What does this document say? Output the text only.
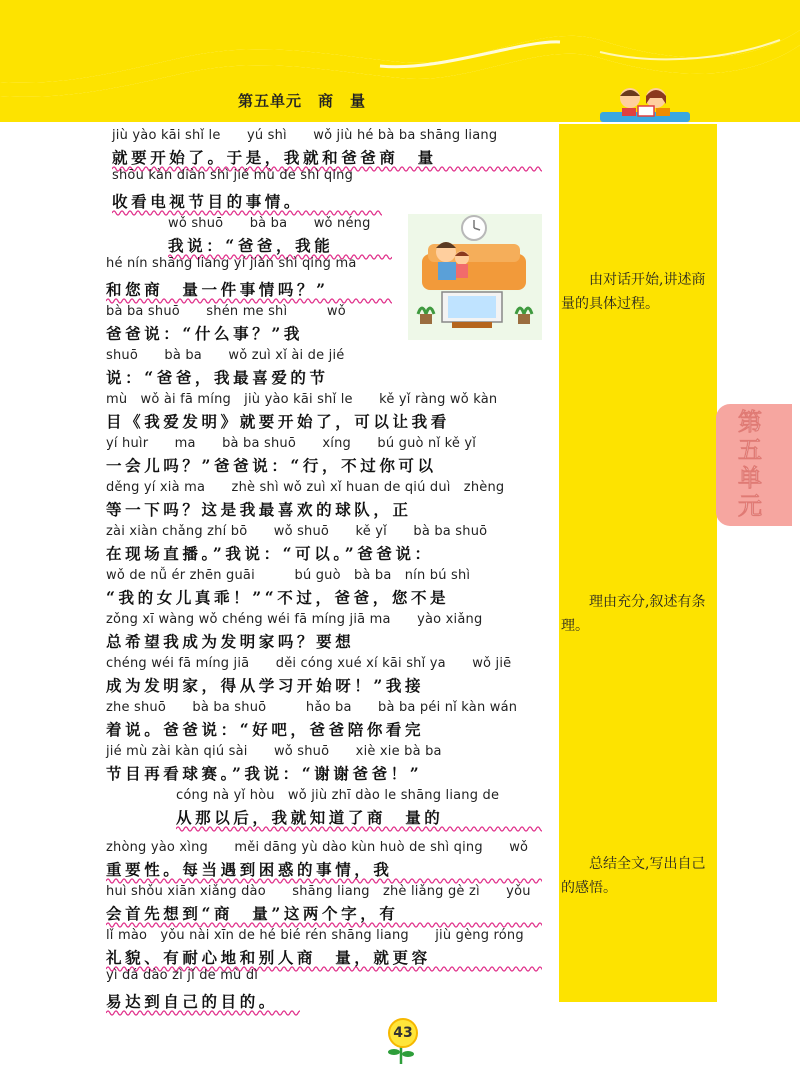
第五单元　商　量
由对话开始,讲述商量的具体过程。
理由充分,叙述有条理。
总结全文,写出自己的感悟。
第五单元
jiù yào kāi shǐ le　　yú shì　　wǒ jiù hé bà ba shāng liang
就要开始了。于是，我就和爸爸商　量
shōu kàn diàn shì jié mù de shì qing
收看电视节目的事情。
wǒ shuō　　bà ba　　wǒ néng
我说：“爸爸，我能
hé nín shāng liang yí jiàn shì qing ma
和您商　量一件事情吗？”
bà ba shuō　　shén me shì　　　wǒ
爸爸说：“什么事？”我
shuō　　bà ba　　wǒ zuì xǐ ài de jié
说：“爸爸，我最喜爱的节
mù　wǒ ài fā míng　jiù yào kāi shǐ le　　kě yǐ ràng wǒ kàn
目《我爱发明》就要开始了，可以让我看
yí huìr　　ma　　bà ba shuō　　xíng　　bú guò nǐ kě yǐ
一会儿吗？”爸爸说：“行，不过你可以
děng yí xià ma　　zhè shì wǒ zuì xǐ huan de qiú duì　zhèng
等一下吗？这是我最喜欢的球队，正
zài xiàn chǎng zhí bō　　wǒ shuō　　kě yǐ　　bà ba shuō
在现场直播。”我说：“可以。”爸爸说：
wǒ de nǚ ér zhēn guāi　　　bú guò　bà ba　nín bú shì
“我的女儿真乖！”“不过，爸爸，您不是
zǒng xī wàng wǒ chéng wéi fā míng jiā ma　　yào xiǎng
总希望我成为发明家吗？要想
chéng wéi fā míng jiā　　děi cóng xué xí kāi shǐ ya　　wǒ jiē
成为发明家，得从学习开始呀！”我接
zhe shuō　　bà ba shuō　　　hǎo ba　　bà ba péi nǐ kàn wán
着说。爸爸说：“好吧，爸爸陪你看完
jié mù zài kàn qiú sài　　wǒ shuō　　xiè xie bà ba
节目再看球赛。”我说：“谢谢爸爸！”
cóng nà yǐ hòu　wǒ jiù zhī dào le shāng liang de
从那以后，我就知道了商　量的
zhòng yào xìng　　měi dāng yù dào kùn huò de shì qing　　wǒ
重要性。每当遇到困惑的事情，我
huì shǒu xiān xiǎng dào　　shāng liang　zhè liǎng gè zì　　yǒu
会首先想到“商　量”这两个字，有
lǐ mào　yǒu nài xīn de hé bié rén shāng liang　　jiù gèng róng
礼貌、有耐心地和别人商　量，就更容
yì dá dào zì jǐ de mù dì
易达到自己的目的。
43
